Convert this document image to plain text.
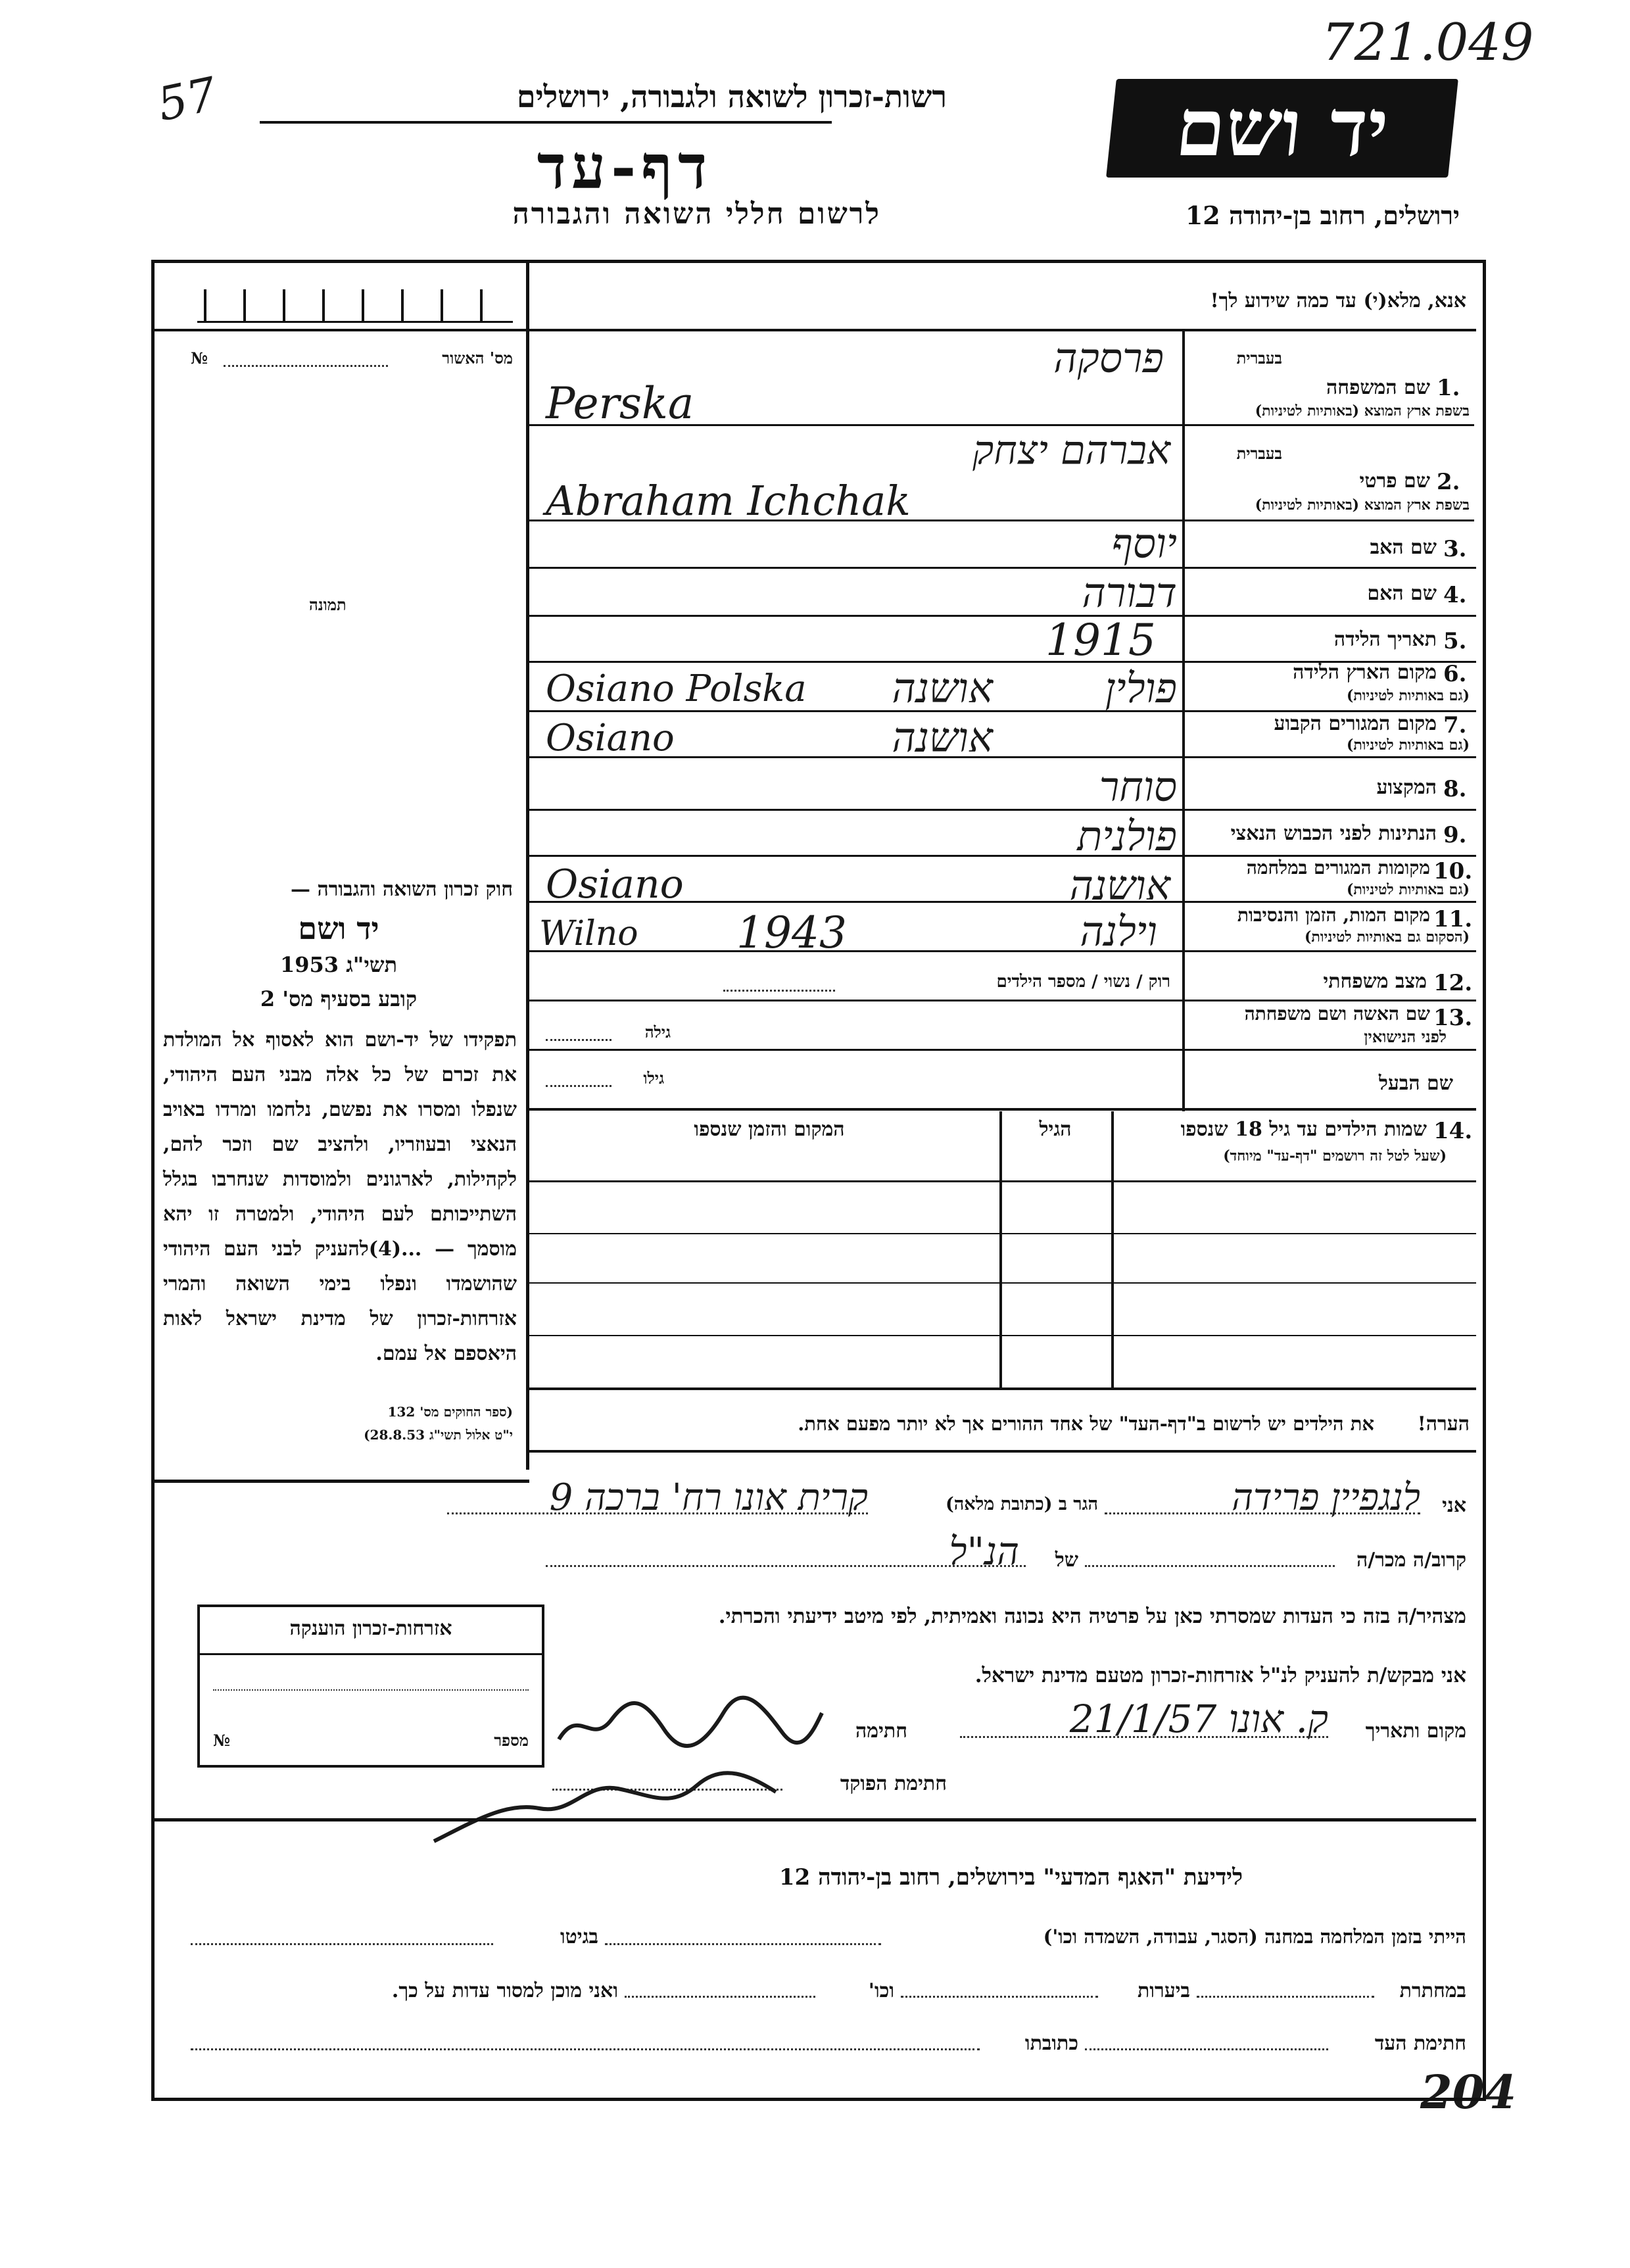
721.049
57
204
יד ושם
רשות-זכרון לשואה ולגבורה, ירושלים
דף-עד
לרשום חללי השואה והגבורה	ירושלים, רחוב בן-יהודה 12
מס' האשור
№
תמונה
חוק זכרון השואה והגבורה —
יד ושם
תשי"ג 1953
קובע בסעיף מס' 2
תפקידו של יד-ושם הוא לאסוף אל המולדת את זכרם של כל אלה מבני העם היהודי, שנפלו ומסרו את נפשם, נלחמו ומרדו באויב הנאצי ובעוזריו, ולהציב שם וזכר להם, לקהילות, לארגונים ולמוסדות שנחרבו בגלל השתייכותם לעם היהודי, ולמטרה זו יהא מוסמך — ...(4)להעניק לבני העם היהודי שהושמדו ונפלו בימי השואה והמרי אזרחות-זכרון של מדינת ישראל לאות היאספם אל עמם.
(ספר החוקים מס' 132
י"ט אלול תשי"ג 28.8.53)
אנא, מלא(י) עד כמה שידוע לך!
בעברית
1.
שם המשפחה
בשפת ארץ המוצא (באותיות לטיניות)
פרסקה
Perska
בעברית
2.
שם פרטי
בשפת ארץ המוצא (באותיות לטיניות)
אברהם יצחק
Abraham Ichchak
3.
שם האב
יוסף
4.
שם האם
דבורה
5.
תאריך הלידה
1915
6.
מקום הארץ הלידה
(גם באותיות לטיניות)
פולין
אושנה
Osiano Polska
7.
מקום המגורים הקבוע
(גם באותיות לטיניות)
אושנה
Osiano
8.
המקצוע
סוחר
9.
הנתינות לפני הכבוש הנאצי
פולנית
10.
מקומות המגורים במלחמה
(גם באותיות לטיניות)
אושנה
Osiano
11.
מקום המות, הזמן והנסיבות
(הסקום גם באותיות לטיניות)
וילנה
1943
Wilno
12.
מצב משפחתי
רוק / נשוי / מספר הילדים
13.
שם האשה ושם משפחתה
לפני הנישואין
גילה
שם הבעל
גילו
14.
שמות הילדים עד גיל 18 שנספו
(שעל לטל זה רושמים "דף-עד" מיוחד)
המקום והזמן שנספו	הגיל
הערה!
את הילדים יש לרשום ב"דף-העד" של אחד ההורים אך לא יותר מפעם אחת.
אני
לנגפיין פרידה
הגר ב (כתובת מלאה)
קרית אונו רח' ברכה 9
קרוב/ה מכר/ה
של
הנ"ל
מצהיר/ה בזה כי העדות שמסרתי כאן על פרטיה היא נכונה ואמיתית, לפי מיטב ידיעתי והכרתי.
אני מבקש/ת להעניק לנ"ל אזרחות-זכרון מטעם מדינת ישראל.
מקום ותאריך
ק. אונו 21/1/57
חתימה
חתימת הפוקד
אזרחות-זכרון הוענקה
מספר
№
לידיעת "האגף המדעי" בירושלים, רחוב בן-יהודה 12
הייתי בזמן המלחמה במחנה (הסגר, עבודה, השמדה וכו')
בגיטו
במחתרת
ביערות
וכו'
ואני מוכן למסור עדות על כך.
חתימת העד
כתובתו
